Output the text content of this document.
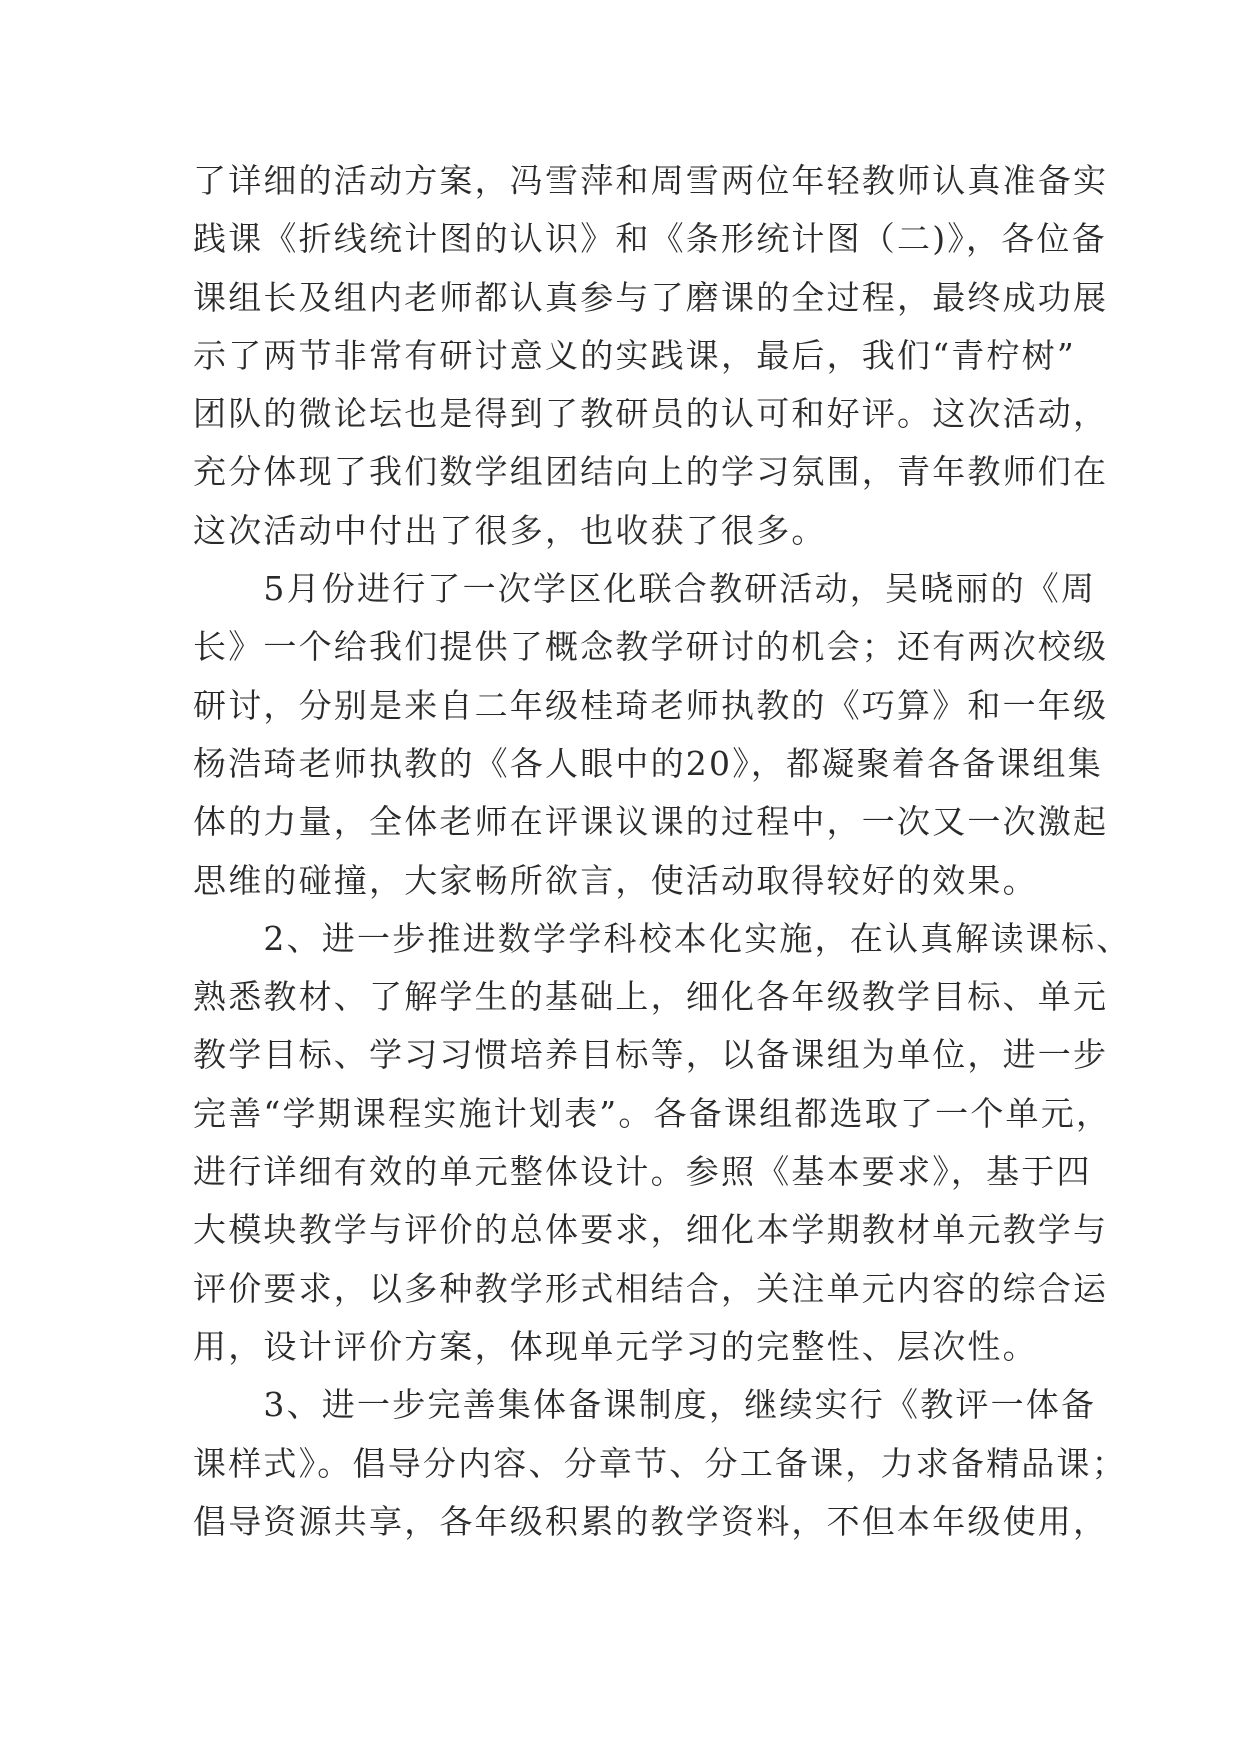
了详细的活动方案，冯雪萍和周雪两位年轻教师认真准备实
践课《折线统计图的认识》和《条形统计图（二)》，各位备
课组长及组内老师都认真参与了磨课的全过程，最终成功展
示了两节非常有研讨意义的实践课，最后，我们“青柠树”
团队的微论坛也是得到了教研员的认可和好评。这次活动，
充分体现了我们数学组团结向上的学习氛围，青年教师们在
这次活动中付出了很多，也收获了很多。
　　5月份进行了一次学区化联合教研活动，吴晓丽的《周
长》一个给我们提供了概念教学研讨的机会；还有两次校级
研讨，分别是来自二年级桂琦老师执教的《巧算》和一年级
杨浩琦老师执教的《各人眼中的20》，都凝聚着各备课组集
体的力量，全体老师在评课议课的过程中，一次又一次激起
思维的碰撞，大家畅所欲言，使活动取得较好的效果。
　　2、进一步推进数学学科校本化实施，在认真解读课标、
熟悉教材、了解学生的基础上，细化各年级教学目标、单元
教学目标、学习习惯培养目标等，以备课组为单位，进一步
完善“学期课程实施计划表”。各备课组都选取了一个单元，
进行详细有效的单元整体设计。参照《基本要求》，基于四
大模块教学与评价的总体要求，细化本学期教材单元教学与
评价要求，以多种教学形式相结合，关注单元内容的综合运
用，设计评价方案，体现单元学习的完整性、层次性。
　　3、进一步完善集体备课制度，继续实行《教评一体备
课样式》。倡导分内容、分章节、分工备课，力求备精品课；
倡导资源共享，各年级积累的教学资料，不但本年级使用，
